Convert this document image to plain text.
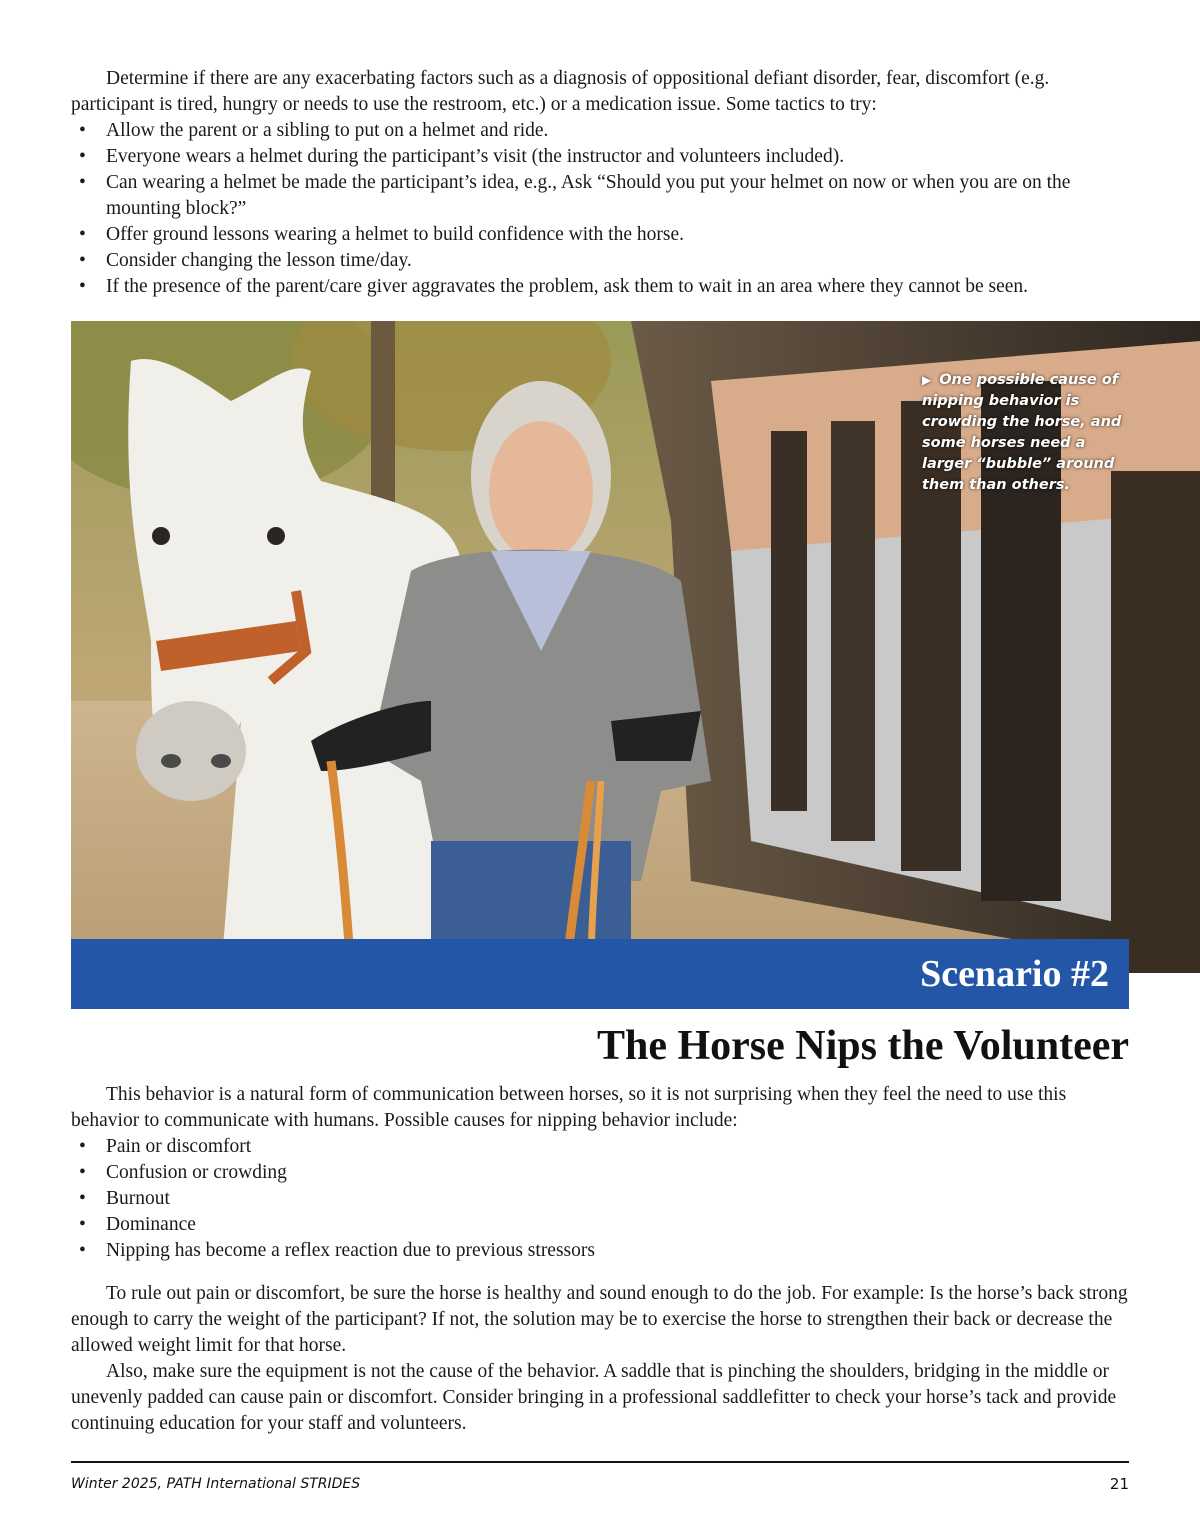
Determine if there are any exacerbating factors such as a diagnosis of oppositional defiant disorder, fear, discomfort (e.g. participant is tired, hungry or needs to use the restroom, etc.) or a medication issue. Some tactics to try:

• Allow the parent or a sibling to put on a helmet and ride.
• Everyone wears a helmet during the participant’s visit (the instructor and volunteers included).
• Can wearing a helmet be made the participant’s idea, e.g., Ask “Should you put your helmet on now or when you are on the mounting block?”
• Offer ground lessons wearing a helmet to build confidence with the horse.
• Consider changing the lesson time/day.
• If the presence of the parent/care giver aggravates the problem, ask them to wait in an area where they cannot be seen.
▶ One possible cause of nipping behavior is crowding the horse, and some horses need a larger “bubble” around them than others.
Scenario #2
The Horse Nips the Volunteer

This behavior is a natural form of communication between horses, so it is not surprising when they feel the need to use this behavior to communicate with humans. Possible causes for nipping behavior include:

• Pain or discomfort
• Confusion or crowding
• Burnout
• Dominance
• Nipping has become a reflex reaction due to previous stressors

To rule out pain or discomfort, be sure the horse is healthy and sound enough to do the job. For example: Is the horse’s back strong enough to carry the weight of the participant? If not, the solution may be to exercise the horse to strengthen their back or decrease the allowed weight limit for that horse.

Also, make sure the equipment is not the cause of the behavior. A saddle that is pinching the shoulders, bridging in the middle or unevenly padded can cause pain or discomfort. Consider bringing in a professional saddlefitter to check your horse’s tack and provide continuing education for your staff and volunteers.

Winter 2025, PATH International STRIDES	21
